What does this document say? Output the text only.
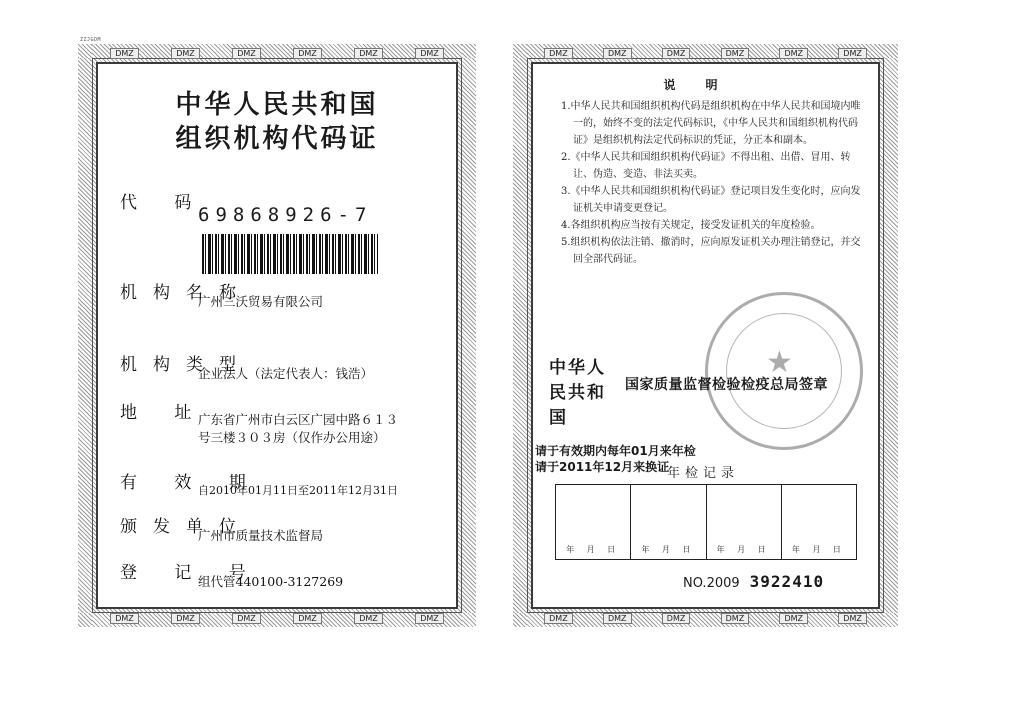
ZZJGDM
DMZ	DMZ	DMZ	DMZ	DMZ	DMZ
DMZ	DMZ	DMZ	DMZ	DMZ	DMZ
中华人民共和国
组织机构代码证
代 码
69868926-7
机构名称
广州三沃贸易有限公司
机构类型
企业法人（法定代表人：钱浩）
地 址
广东省广州市白云区广园中路６１３
号三楼３０３房（仅作办公用途）
有 效 期
自2010年01月11日至2011年12月31日
颁发单位
广州市质量技术监督局
登 记 号
组代管440100-3127269
DMZ	DMZ	DMZ	DMZ	DMZ	DMZ
DMZ	DMZ	DMZ	DMZ	DMZ	DMZ
说明
1.中华人民共和国组织机构代码是组织机构在中华人民共和国境内唯一的，始终不变的法定代码标识，《中华人民共和国组织机构代码证》是组织机构法定代码标识的凭证，分正本和副本。
2.《中华人民共和国组织机构代码证》不得出租、出借、冒用、转让、伪造、变造、非法买卖。
3.《中华人民共和国组织机构代码证》登记项目发生变化时，应向发证机关申请变更登记。
4.各组织机构应当按有关规定，接受发证机关的年度检验。
5.组织机构依法注销、撤消时，应向原发证机关办理注销登记，并交回全部代码证。
★
中华人民共和国
国家质量监督检验检疫总局签章
请于有效期内每年01月来年检
请于2011年12月来换证
年检记录
年 月 日	年 月 日	年 月 日	年 月 日
NO.2009 3922410
